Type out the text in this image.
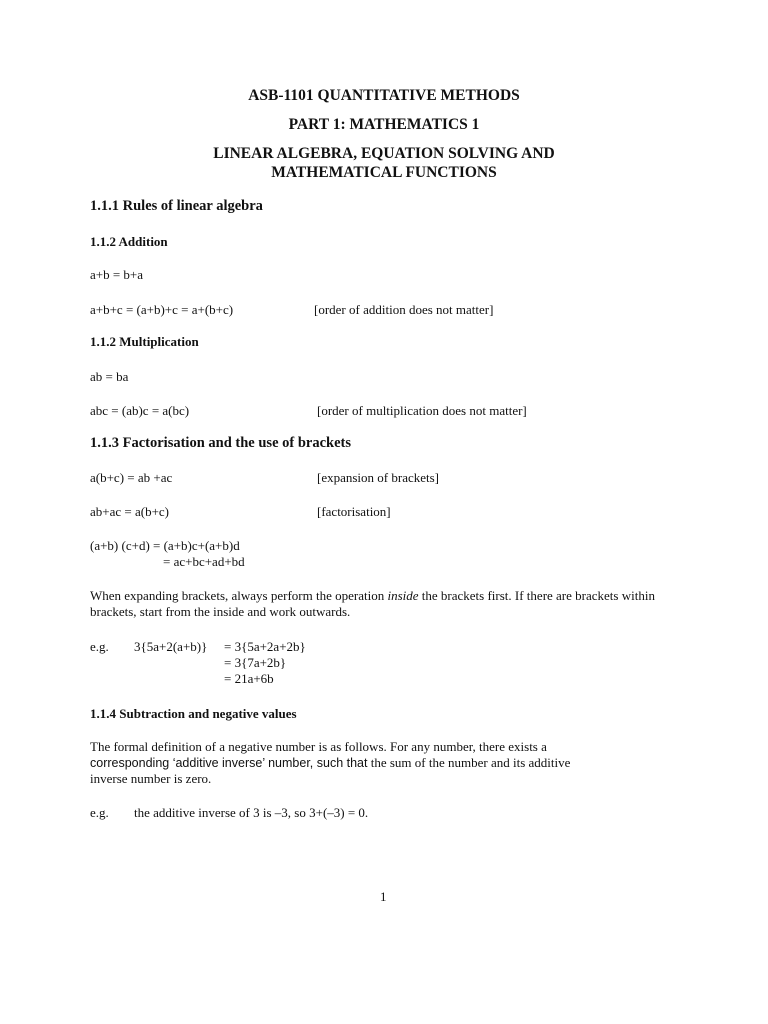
ASB-1101 QUANTITATIVE METHODS
PART 1: MATHEMATICS 1
LINEAR ALGEBRA, EQUATION SOLVING AND
MATHEMATICAL FUNCTIONS
1.1.1 Rules of linear algebra
1.1.2 Addition
a+b = b+a
a+b+c = (a+b)+c = a+(b+c)	[order of addition does not matter]
1.1.2 Multiplication
ab = ba
abc = (ab)c = a(bc)	[order of multiplication does not matter]
1.1.3 Factorisation and the use of brackets
a(b+c) = ab +ac	[expansion of brackets]
ab+ac = a(b+c)	[factorisation]
(a+b) (c+d) = (a+b)c+(a+b)d
= ac+bc+ad+bd
When expanding brackets, always perform the operation inside the brackets first. If there are brackets within brackets, start from the inside and work outwards.
e.g. 3{5a+2(a+b)} = 3{5a+2a+2b}
= 3{7a+2b}
= 21a+6b
1.1.4 Subtraction and negative values
The formal definition of a negative number is as follows. For any number, there exists a
corresponding ‘additive inverse’ number, such that the sum of the number and its additive
inverse number is zero.
e.g. the additive inverse of 3 is –3, so 3+(–3) = 0.
1
